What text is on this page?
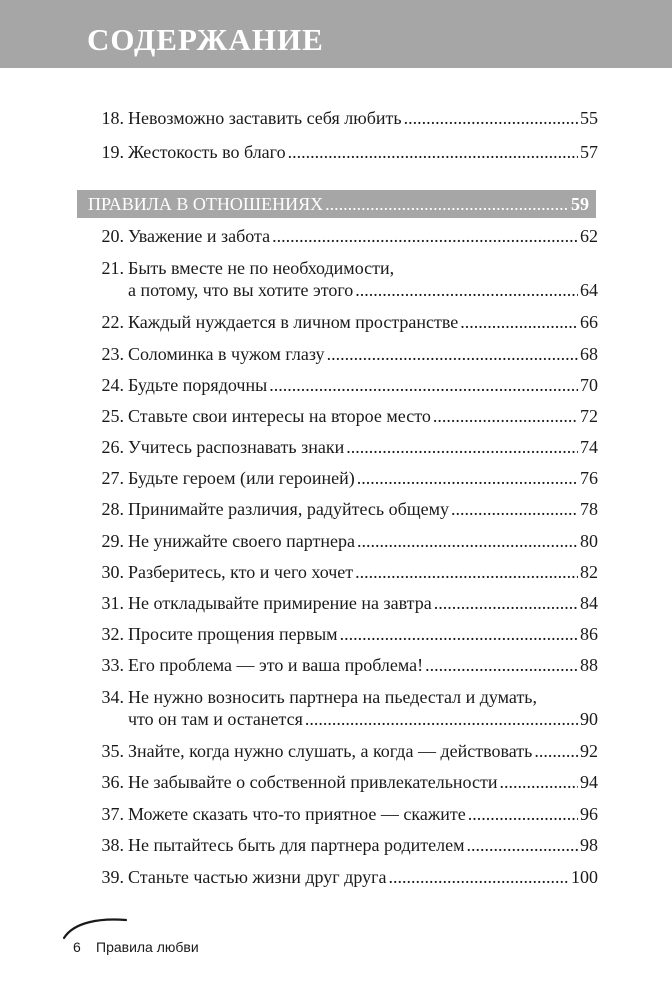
СОДЕРЖАНИЕ
18. Невозможно заставить себя любить .....	55
19. Жестокость во благо .....	57
ПРАВИЛА В ОТНОШЕНИЯХ .....	59
20. Уважение и забота .....	62
21. Быть вместе не по необходимости,
а потому, что вы хотите этого .....	64
22. Каждый нуждается в личном пространстве .....	66
23. Соломинка в чужом глазу .....	68
24. Будьте порядочны .....	70
25. Ставьте свои интересы на второе место .....	72
26. Учитесь распознавать знаки .....	74
27. Будьте героем (или героиней) .....	76
28. Принимайте различия, радуйтесь общему .....	78
29. Не унижайте своего партнера .....	80
30. Разберитесь, кто и чего хочет .....	82
31. Не откладывайте примирение на завтра .....	84
32. Просите прощения первым .....	86
33. Его проблема — это и ваша проблема! .....	88
34. Не нужно возносить партнера на пьедестал и думать,
что он там и останется .....	90
35. Знайте, когда нужно слушать, а когда — действовать .....	92
36. Не забывайте о собственной привлекательности .....	94
37. Можете сказать что-то приятное — скажите .....	96
38. Не пытайтесь быть для партнера родителем .....	98
39. Станьте частью жизни друг друга .....	100
6 Правила любви
